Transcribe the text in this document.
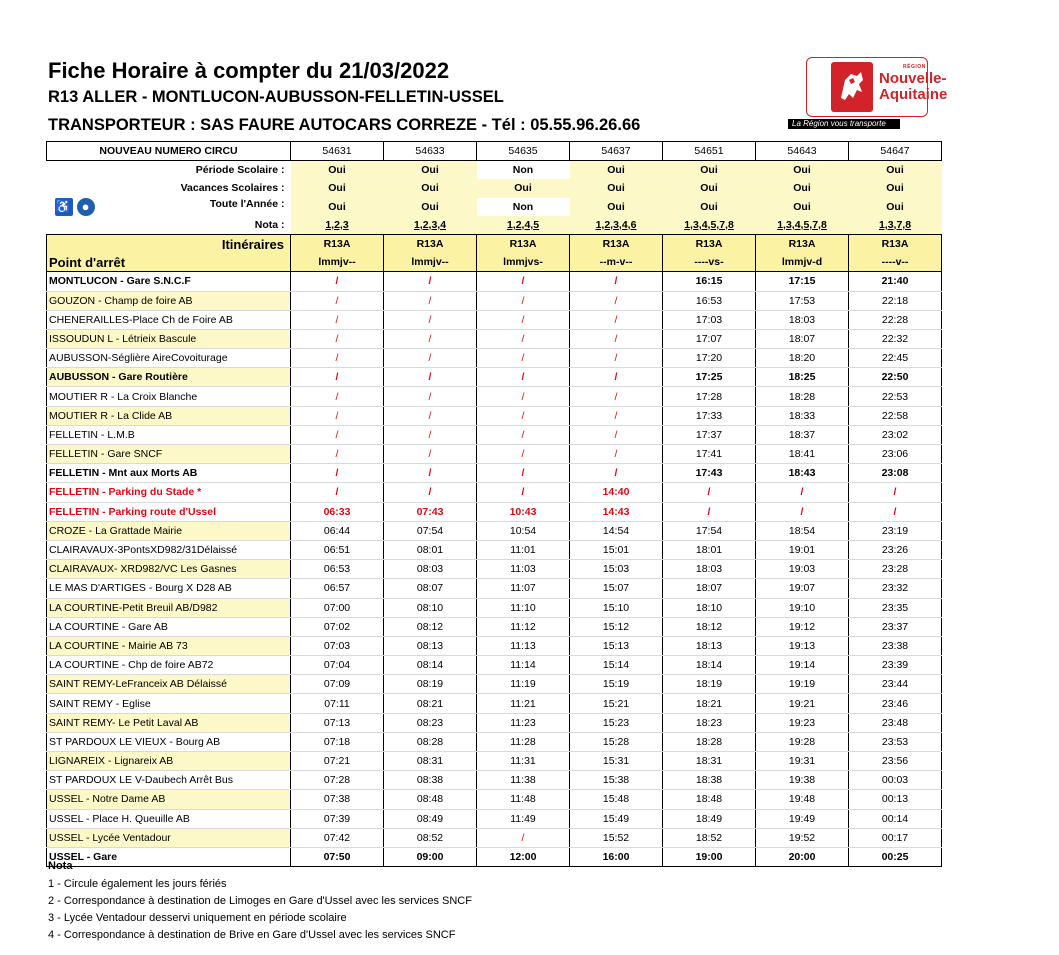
Fiche Horaire à compter du 21/03/2022
R13 ALLER - MONTLUCON-AUBUSSON-FELLETIN-USSEL
TRANSPORTEUR : SAS FAURE AUTOCARS CORREZE - Tél : 05.55.96.26.66
RÉGION
Nouvelle-
Aquitaine
La Région vous transporte
NOUVEAU NUMERO CIRCU	54631	54633	54635	54637	54651	54643	54647
Période Scolaire :	Oui	Oui	Non	Oui	Oui	Oui	Oui
Vacances Scolaires :	Oui	Oui	Oui	Oui	Oui	Oui	Oui

♿ ● Toute l'Année :	Oui	Oui	Non	Oui	Oui	Oui	Oui
Nota :	1,2,3	1,2,3,4	1,2,4,5	1,2,3,4,6	1,3,4,5,7,8	1,3,4,5,7,8	1,3,7,8
Itinéraires	R13A	R13A	R13A	R13A	R13A	R13A	R13A
Point d'arrêt	lmmjv--	lmmjv--	lmmjvs-	--m-v--	----vs-	lmmjv-d	----v--
MONTLUCON - Gare S.N.C.F	/	/	/	/	16:15	17:15	21:40
GOUZON - Champ de foire AB	/	/	/	/	16:53	17:53	22:18
CHENERAILLES-Place Ch de Foire AB	/	/	/	/	17:03	18:03	22:28
ISSOUDUN L - Létrieix Bascule	/	/	/	/	17:07	18:07	22:32
AUBUSSON-Séglière AireCovoiturage	/	/	/	/	17:20	18:20	22:45
AUBUSSON - Gare Routière	/	/	/	/	17:25	18:25	22:50
MOUTIER R - La Croix Blanche	/	/	/	/	17:28	18:28	22:53
MOUTIER R - La Clide AB	/	/	/	/	17:33	18:33	22:58
FELLETIN - L.M.B	/	/	/	/	17:37	18:37	23:02
FELLETIN - Gare SNCF	/	/	/	/	17:41	18:41	23:06
FELLETIN - Mnt aux Morts AB	/	/	/	/	17:43	18:43	23:08
FELLETIN - Parking du Stade *	/	/	/	14:40	/	/	/
FELLETIN - Parking route d'Ussel	06:33	07:43	10:43	14:43	/	/	/
CROZE - La Grattade Mairie	06:44	07:54	10:54	14:54	17:54	18:54	23:19
CLAIRAVAUX-3PontsXD982/31Délaissé	06:51	08:01	11:01	15:01	18:01	19:01	23:26
CLAIRAVAUX- XRD982/VC Les Gasnes	06:53	08:03	11:03	15:03	18:03	19:03	23:28
LE MAS D'ARTIGES - Bourg X D28 AB	06:57	08:07	11:07	15:07	18:07	19:07	23:32
LA COURTINE-Petit Breuil AB/D982	07:00	08:10	11:10	15:10	18:10	19:10	23:35
LA COURTINE - Gare AB	07:02	08:12	11:12	15:12	18:12	19:12	23:37
LA COURTINE - Mairie AB 73	07:03	08:13	11:13	15:13	18:13	19:13	23:38
LA COURTINE - Chp de foire AB72	07:04	08:14	11:14	15:14	18:14	19:14	23:39
SAINT REMY-LeFranceix AB Délaissé	07:09	08:19	11:19	15:19	18:19	19:19	23:44
SAINT REMY - Eglise	07:11	08:21	11:21	15:21	18:21	19:21	23:46
SAINT REMY- Le Petit Laval AB	07:13	08:23	11:23	15:23	18:23	19:23	23:48
ST PARDOUX LE VIEUX - Bourg AB	07:18	08:28	11:28	15:28	18:28	19:28	23:53
LIGNAREIX - Lignareix AB	07:21	08:31	11:31	15:31	18:31	19:31	23:56
ST PARDOUX LE V-Daubech Arrêt Bus	07:28	08:38	11:38	15:38	18:38	19:38	00:03
USSEL - Notre Dame AB	07:38	08:48	11:48	15:48	18:48	19:48	00:13
USSEL - Place H. Queuille AB	07:39	08:49	11:49	15:49	18:49	19:49	00:14
USSEL - Lycée Ventadour	07:42	08:52	/	15:52	18:52	19:52	00:17
USSEL - Gare	07:50	09:00	12:00	16:00	19:00	20:00	00:25
Nota
1 - Circule également les jours fériés
2 - Correspondance à destination de Limoges en Gare d'Ussel avec les services SNCF
3 - Lycée Ventadour desservi uniquement en période scolaire
4 - Correspondance à destination de Brive en Gare d'Ussel avec les services SNCF
